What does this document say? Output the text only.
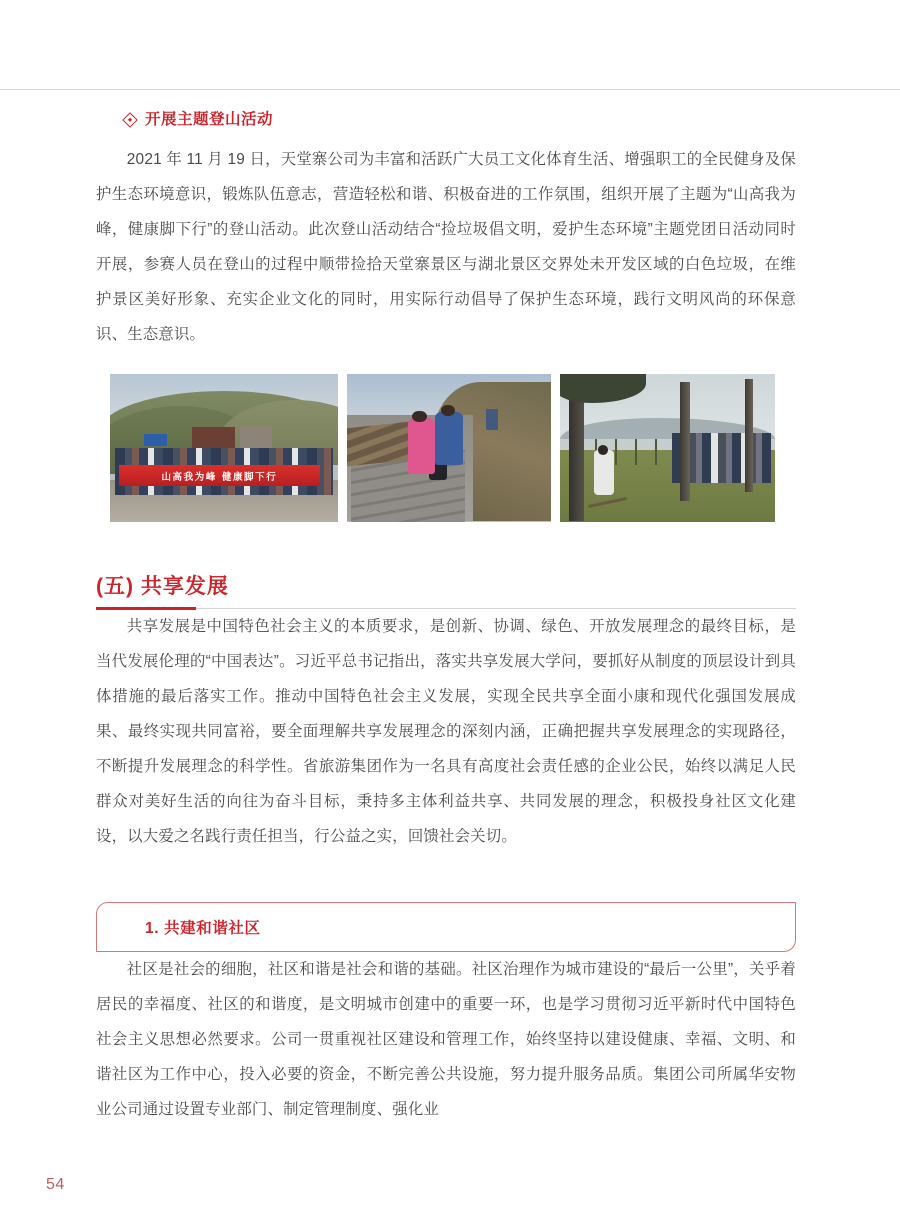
开展主题登山活动

2021 年 11 月 19 日，天堂寨公司为丰富和活跃广大员工文化体育生活、增强职工的全民健身及保护生态环境意识，锻炼队伍意志，营造轻松和谐、积极奋进的工作氛围，组织开展了主题为“山高我为峰，健康脚下行”的登山活动。此次登山活动结合“捡垃圾倡文明，爱护生态环境”主题党团日活动同时开展，参赛人员在登山的过程中顺带捡拾天堂寨景区与湖北景区交界处未开发区域的白色垃圾，在维护景区美好形象、充实企业文化的同时，用实际行动倡导了保护生态环境，践行文明风尚的环保意识、生态意识。

山高我为峰 健康脚下行
(五) 共享发展

共享发展是中国特色社会主义的本质要求，是创新、协调、绿色、开放发展理念的最终目标，是当代发展伦理的“中国表达”。习近平总书记指出，落实共享发展大学问，要抓好从制度的顶层设计到具体措施的最后落实工作。推动中国特色社会主义发展，实现全民共享全面小康和现代化强国发展成果、最终实现共同富裕，要全面理解共享发展理念的深刻内涵，正确把握共享发展理念的实现路径，不断提升发展理念的科学性。省旅游集团作为一名具有高度社会责任感的企业公民，始终以满足人民群众对美好生活的向往为奋斗目标，秉持多主体利益共享、共同发展的理念，积极投身社区文化建设，以大爱之名践行责任担当，行公益之实，回馈社会关切。

1. 共建和谐社区

社区是社会的细胞，社区和谐是社会和谐的基础。社区治理作为城市建设的“最后一公里”，关乎着居民的幸福度、社区的和谐度，是文明城市创建中的重要一环，也是学习贯彻习近平新时代中国特色社会主义思想必然要求。公司一贯重视社区建设和管理工作，始终坚持以建设健康、幸福、文明、和谐社区为工作中心，投入必要的资金，不断完善公共设施，努力提升服务品质。集团公司所属华安物业公司通过设置专业部门、制定管理制度、强化业

54
